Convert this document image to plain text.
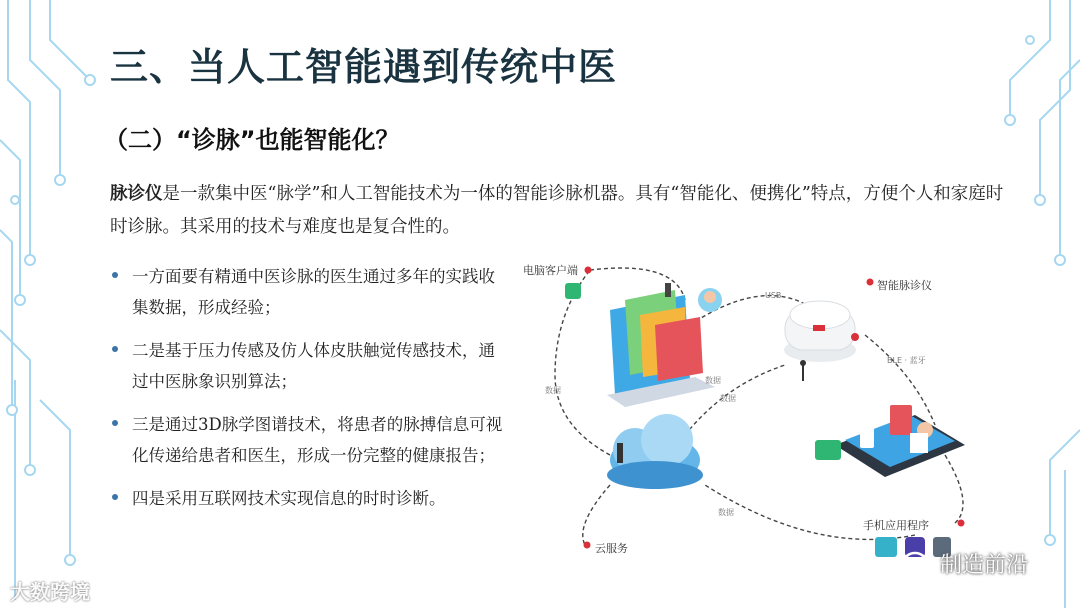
三、当人工智能遇到传统中医
（二）“诊脉”也能智能化？
脉诊仪是一款集中医“脉学”和人工智能技术为一体的智能诊脉机器。具有“智能化、便携化”特点，方便个人和家庭时时诊脉。其采用的技术与难度也是复合性的。
一方面要有精通中医诊脉的医生通过多年的实践收集数据，形成经验；
二是基于压力传感及仿人体皮肤触觉传感技术，通过中医脉象识别算法；
三是通过3D脉学图谱技术，将患者的脉搏信息可视化传递给患者和医生，形成一份完整的健康报告；
四是采用互联网技术实现信息的时时诊断。
电脑客户端
智能脉诊仪
手机应用程序
云服务
USB
BLE · 蓝牙
数据
数据
数据
数据
大数跨境
制造前沿
